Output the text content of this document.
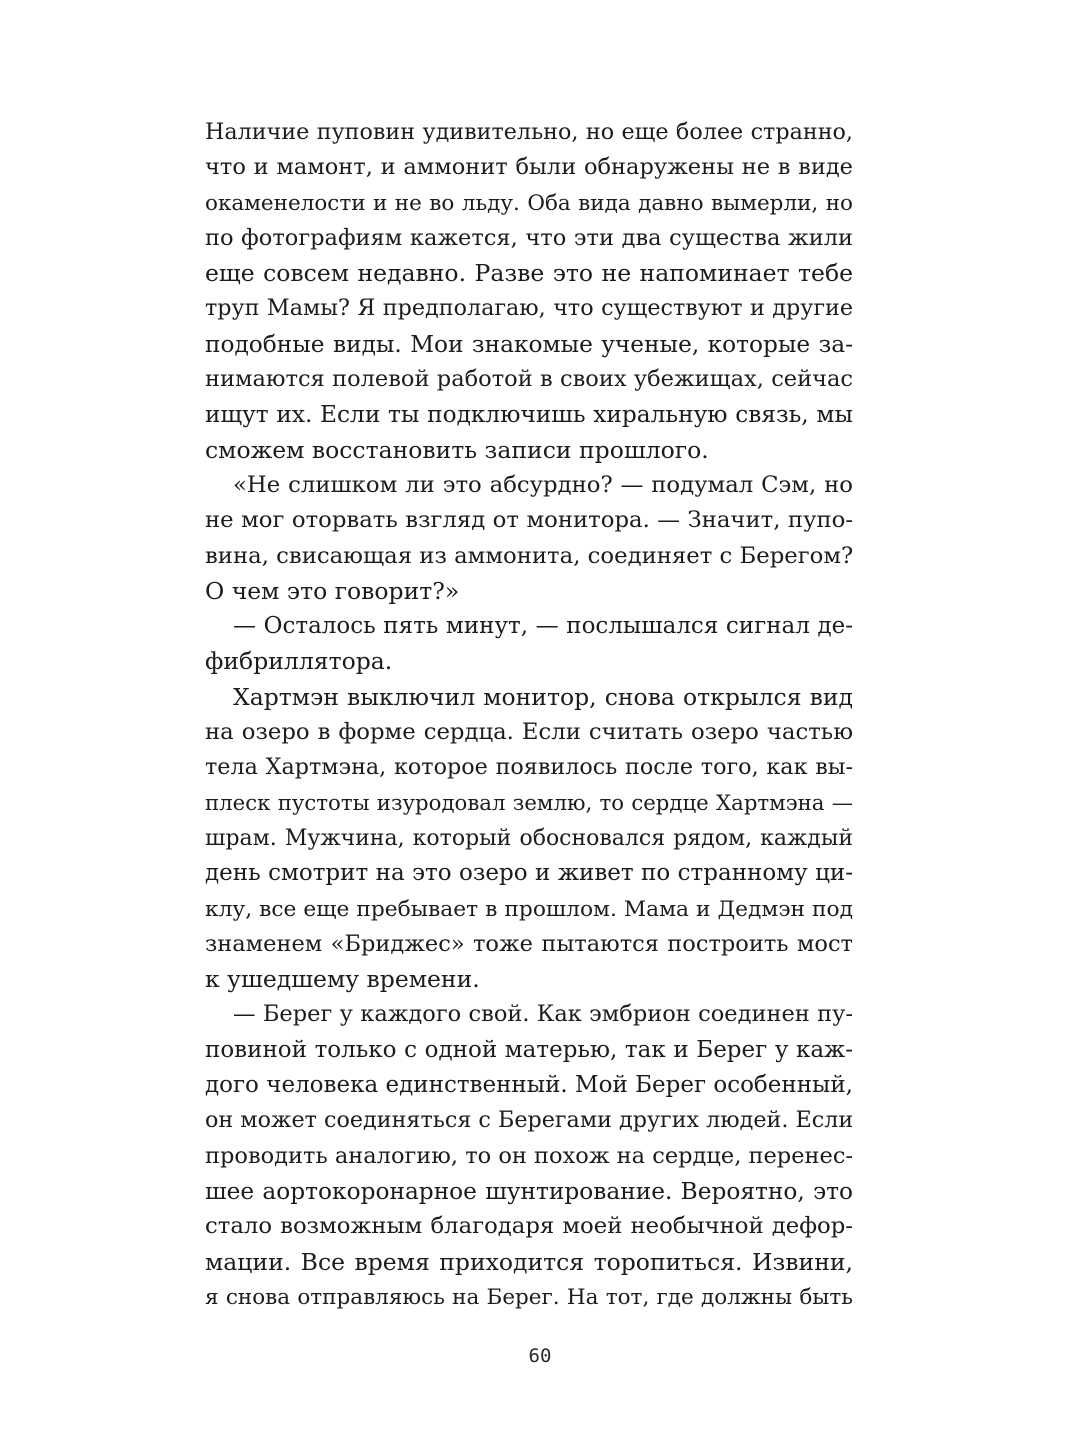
Наличие пуповин удивительно, но еще более странно,
что и мамонт, и аммонит были обнаружены не в виде
окаменелости и не во льду. Оба вида давно вымерли, но
по фотографиям кажется, что эти два существа жили
еще совсем недавно. Разве это не напоминает тебе
труп Мамы? Я предполагаю, что существуют и другие
подобные виды. Мои знакомые ученые, которые за-
нимаются полевой работой в своих убежищах, сейчас
ищут их. Если ты подключишь хиральную связь, мы
сможем восстановить записи прошлого.
«Не слишком ли это абсурдно? — подумал Сэм, но
не мог оторвать взгляд от монитора. — Значит, пупо-
вина, свисающая из аммонита, соединяет с Берегом?
О чем это говорит?»
— Осталось пять минут, — послышался сигнал де-
фибриллятора.
Хартмэн выключил монитор, снова открылся вид
на озеро в форме сердца. Если считать озеро частью
тела Хартмэна, которое появилось после того, как вы-
плеск пустоты изуродовал землю, то сердце Хартмэна —
шрам. Мужчина, который обосновался рядом, каждый
день смотрит на это озеро и живет по странному ци-
клу, все еще пребывает в прошлом. Мама и Дедмэн под
знаменем «Бриджес» тоже пытаются построить мост
к ушедшему времени.
— Берег у каждого свой. Как эмбрион соединен пу-
повиной только с одной матерью, так и Берег у каж-
дого человека единственный. Мой Берег особенный,
он может соединяться с Берегами других людей. Если
проводить аналогию, то он похож на сердце, перенес-
шее аортокоронарное шунтирование. Вероятно, это
стало возможным благодаря моей необычной дефор-
мации. Все время приходится торопиться. Извини,
я снова отправляюсь на Берег. На тот, где должны быть
60
